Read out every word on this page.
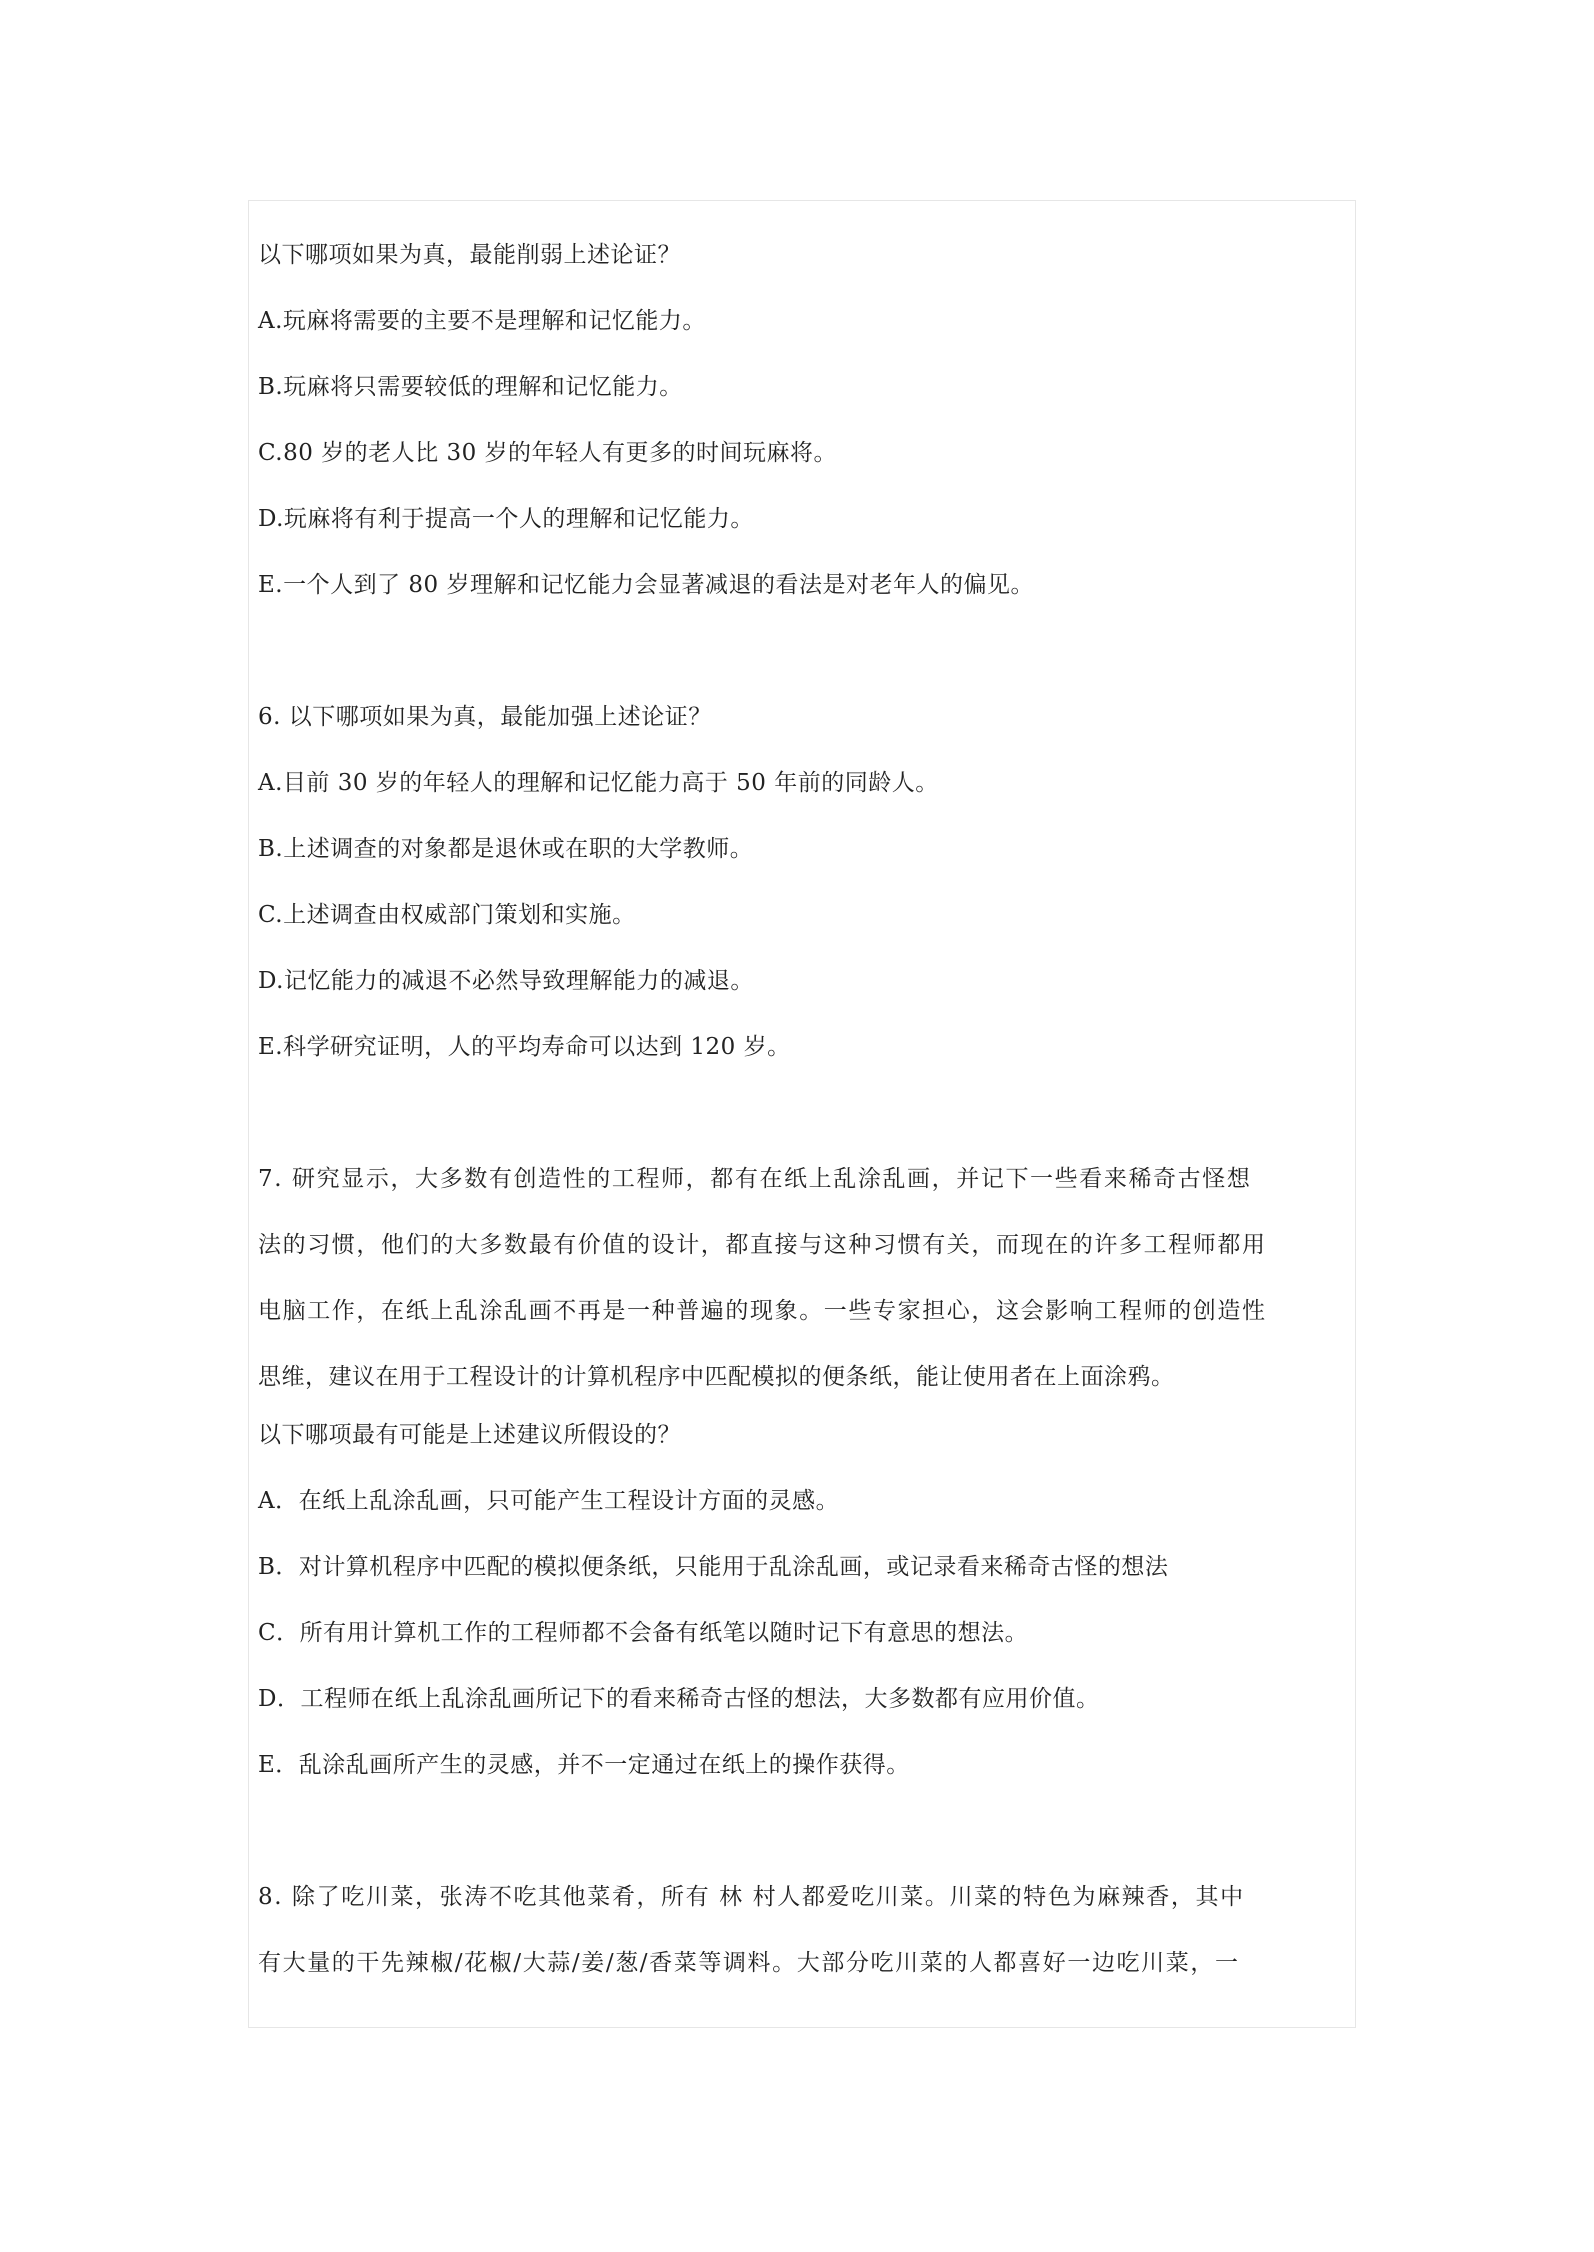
以下哪项如果为真，最能削弱上述论证？
A.玩麻将需要的主要不是理解和记忆能力。
B.玩麻将只需要较低的理解和记忆能力。
C.80 岁的老人比 30 岁的年轻人有更多的时间玩麻将。
D.玩麻将有利于提高一个人的理解和记忆能力。
E.一个人到了 80 岁理解和记忆能力会显著减退的看法是对老年人的偏见。
6. 以下哪项如果为真，最能加强上述论证？
A.目前 30 岁的年轻人的理解和记忆能力高于 50 年前的同龄人。
B.上述调查的对象都是退休或在职的大学教师。
C.上述调查由权威部门策划和实施。
D.记忆能力的减退不必然导致理解能力的减退。
E.科学研究证明，人的平均寿命可以达到 120 岁。
7. 研究显示，大多数有创造性的工程师，都有在纸上乱涂乱画，并记下一些看来稀奇古怪想
法的习惯，他们的大多数最有价值的设计，都直接与这种习惯有关，而现在的许多工程师都用
电脑工作，在纸上乱涂乱画不再是一种普遍的现象。一些专家担心，这会影响工程师的创造性
思维，建议在用于工程设计的计算机程序中匹配模拟的便条纸，能让使用者在上面涂鸦。
以下哪项最有可能是上述建议所假设的？
A．在纸上乱涂乱画，只可能产生工程设计方面的灵感。
B．对计算机程序中匹配的模拟便条纸，只能用于乱涂乱画，或记录看来稀奇古怪的想法
C．所有用计算机工作的工程师都不会备有纸笔以随时记下有意思的想法。
D．工程师在纸上乱涂乱画所记下的看来稀奇古怪的想法，大多数都有应用价值。
E．乱涂乱画所产生的灵感，并不一定通过在纸上的操作获得。
8. 除了吃川菜，张涛不吃其他菜肴，所有 林 村人都爱吃川菜。川菜的特色为麻辣香，其中
有大量的干先辣椒/花椒/大蒜/姜/葱/香菜等调料。大部分吃川菜的人都喜好一边吃川菜，一
